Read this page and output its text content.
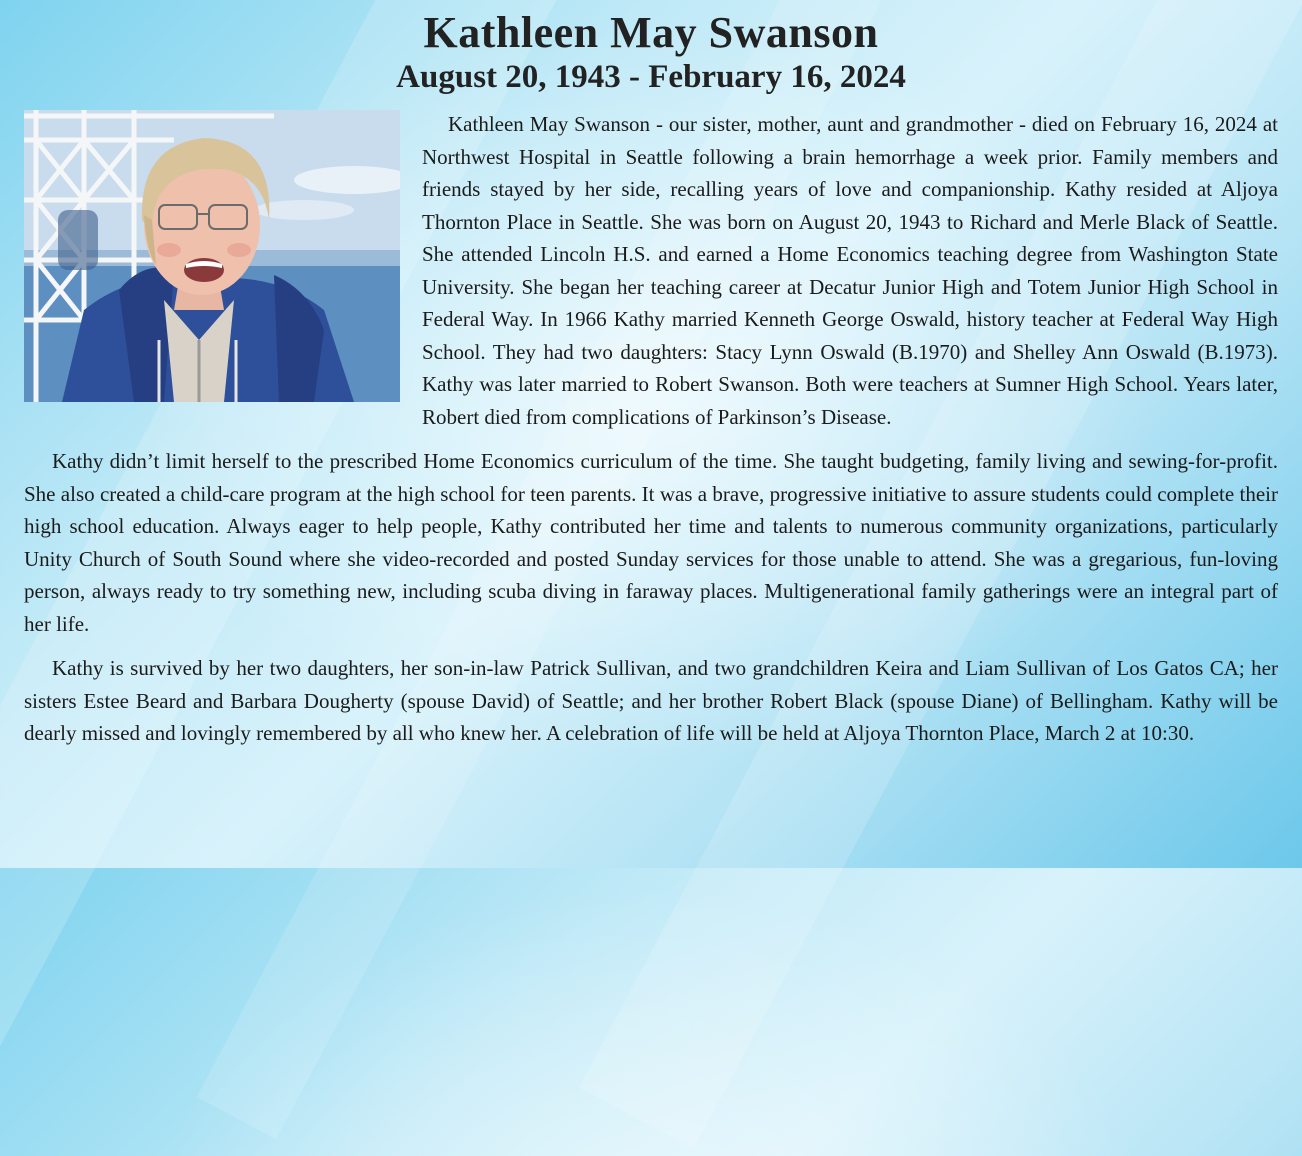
Kathleen May Swanson
August 20, 1943 - February 16, 2024

Kathleen May Swanson - our sister, mother, aunt and grandmother - died on February 16, 2024 at Northwest Hospital in Seattle following a brain hemorrhage a week prior. Family members and friends stayed by her side, recalling years of love and companionship. Kathy resided at Aljoya Thornton Place in Seattle. She was born on August 20, 1943 to Richard and Merle Black of Seattle. She attended Lincoln H.S. and earned a Home Economics teaching degree from Washington State University. She began her teaching career at Decatur Junior High and Totem Junior High School in Federal Way. In 1966 Kathy married Kenneth George Oswald, history teacher at Federal Way High School. They had two daughters: Stacy Lynn Oswald (B.1970) and Shelley Ann Oswald (B.1973). Kathy was later married to Robert Swanson. Both were teachers at Sumner High School. Years later, Robert died from complications of Parkinson’s Disease.

Kathy didn’t limit herself to the prescribed Home Economics curriculum of the time. She taught budgeting, family living and sewing-for-profit. She also created a child-care program at the high school for teen parents. It was a brave, progressive initiative to assure students could complete their high school education. Always eager to help people, Kathy contributed her time and talents to numerous community organizations, particularly Unity Church of South Sound where she video-recorded and posted Sunday services for those unable to attend. She was a gregarious, fun-loving person, always ready to try something new, including scuba diving in faraway places. Multigenerational family gatherings were an integral part of her life.

Kathy is survived by her two daughters, her son-in-law Patrick Sullivan, and two grandchildren Keira and Liam Sullivan of Los Gatos CA; her sisters Estee Beard and Barbara Dougherty (spouse David) of Seattle; and her brother Robert Black (spouse Diane) of Bellingham. Kathy will be dearly missed and lovingly remembered by all who knew her. A celebration of life will be held at Aljoya Thornton Place, March 2 at 10:30.
